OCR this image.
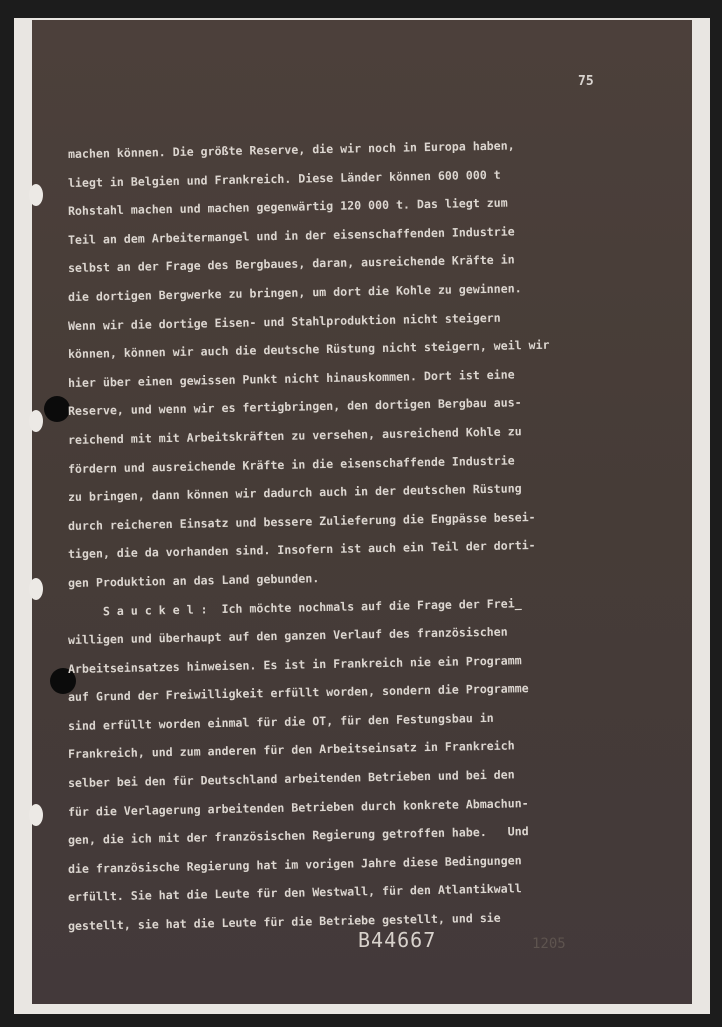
75
machen können. Die größte Reserve, die wir noch in Europa haben,
liegt in Belgien und Frankreich. Diese Länder können 600 000 t
Rohstahl machen und machen gegenwärtig 120 000 t. Das liegt zum
Teil an dem Arbeitermangel und in der eisenschaffenden Industrie
selbst an der Frage des Bergbaues, daran, ausreichende Kräfte in
die dortigen Bergwerke zu bringen, um dort die Kohle zu gewinnen.
Wenn wir die dortige Eisen- und Stahlproduktion nicht steigern
können, können wir auch die deutsche Rüstung nicht steigern, weil wir
hier über einen gewissen Punkt nicht hinauskommen. Dort ist eine
Reserve, und wenn wir es fertigbringen, den dortigen Bergbau aus-
reichend mit mit Arbeitskräften zu versehen, ausreichend Kohle zu
fördern und ausreichende Kräfte in die eisenschaffende Industrie
zu bringen, dann können wir dadurch auch in der deutschen Rüstung
durch reicheren Einsatz und bessere Zulieferung die Engpässe besei-
tigen, die da vorhanden sind. Insofern ist auch ein Teil der dorti-
gen Produktion an das Land gebunden.
S a u c k e l :  Ich möchte nochmals auf die Frage der Frei_
willigen und überhaupt auf den ganzen Verlauf des französischen
Arbeitseinsatzes hinweisen. Es ist in Frankreich nie ein Programm
auf Grund der Freiwilligkeit erfüllt worden, sondern die Programme
sind erfüllt worden einmal für die OT, für den Festungsbau in
Frankreich, und zum anderen für den Arbeitseinsatz in Frankreich
selber bei den für Deutschland arbeitenden Betrieben und bei den
für die Verlagerung arbeitenden Betrieben durch konkrete Abmachun-
gen, die ich mit der französischen Regierung getroffen habe.   Und
die französische Regierung hat im vorigen Jahre diese Bedingungen
erfüllt. Sie hat die Leute für den Westwall, für den Atlantikwall
gestellt, sie hat die Leute für die Betriebe gestellt, und sie
B44667	1205
